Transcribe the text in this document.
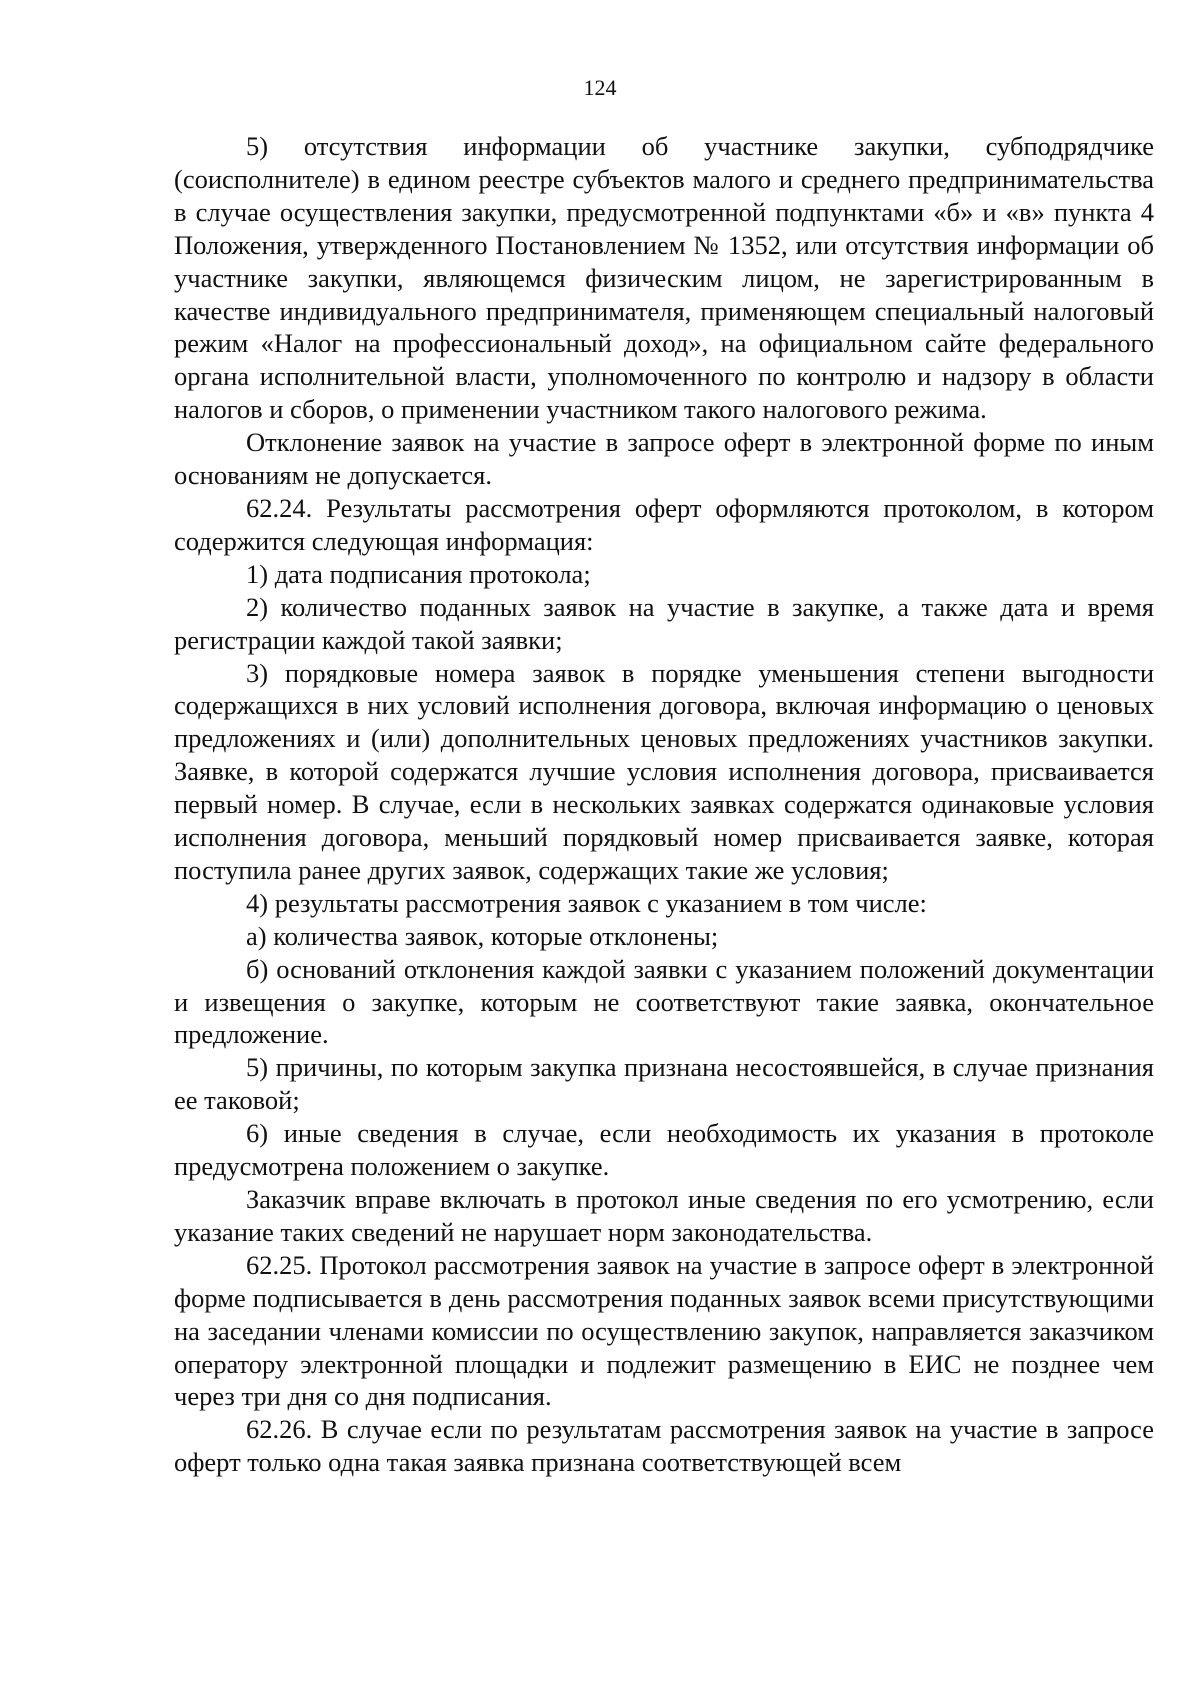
124

5) отсутствия информации об участнике закупки, субподрядчике (соисполнителе) в едином реестре субъектов малого и среднего предпринимательства в случае осуществления закупки, предусмотренной подпунктами «б» и «в» пункта 4 Положения, утвержденного Постановлением № 1352, или отсутствия информации об участнике закупки, являющемся физическим лицом, не зарегистрированным в качестве индивидуального предпринимателя, применяющем специальный налоговый режим «Налог на профессиональный доход», на официальном сайте федерального органа исполнительной власти, уполномоченного по контролю и надзору в области налогов и сборов, о применении участником такого налогового режима.

Отклонение заявок на участие в запросе оферт в электронной форме по иным основаниям не допускается.

62.24. Результаты рассмотрения оферт оформляются протоколом, в котором содержится следующая информация:

1) дата подписания протокола;

2) количество поданных заявок на участие в закупке, а также дата и время регистрации каждой такой заявки;

3) порядковые номера заявок в порядке уменьшения степени выгодности содержащихся в них условий исполнения договора, включая информацию о ценовых предложениях и (или) дополнительных ценовых предложениях участников закупки. Заявке, в которой содержатся лучшие условия исполнения договора, присваивается первый номер. В случае, если в нескольких заявках содержатся одинаковые условия исполнения договора, меньший порядковый номер присваивается заявке, которая поступила ранее других заявок, содержащих такие же условия;

4) результаты рассмотрения заявок с указанием в том числе:

а) количества заявок, которые отклонены;

б) оснований отклонения каждой заявки с указанием положений документации и извещения о закупке, которым не соответствуют такие заявка, окончательное предложение.

5) причины, по которым закупка признана несостоявшейся, в случае признания ее таковой;

6) иные сведения в случае, если необходимость их указания в протоколе предусмотрена положением о закупке.

Заказчик вправе включать в протокол иные сведения по его усмотрению, если указание таких сведений не нарушает норм законодательства.

62.25. Протокол рассмотрения заявок на участие в запросе оферт в электронной форме подписывается в день рассмотрения поданных заявок всеми присутствующими на заседании членами комиссии по осуществлению закупок, направляется заказчиком оператору электронной площадки и подлежит размещению в ЕИС не позднее чем через три дня со дня подписания.

62.26. В случае если по результатам рассмотрения заявок на участие в запросе оферт только одна такая заявка признана соответствующей всем
